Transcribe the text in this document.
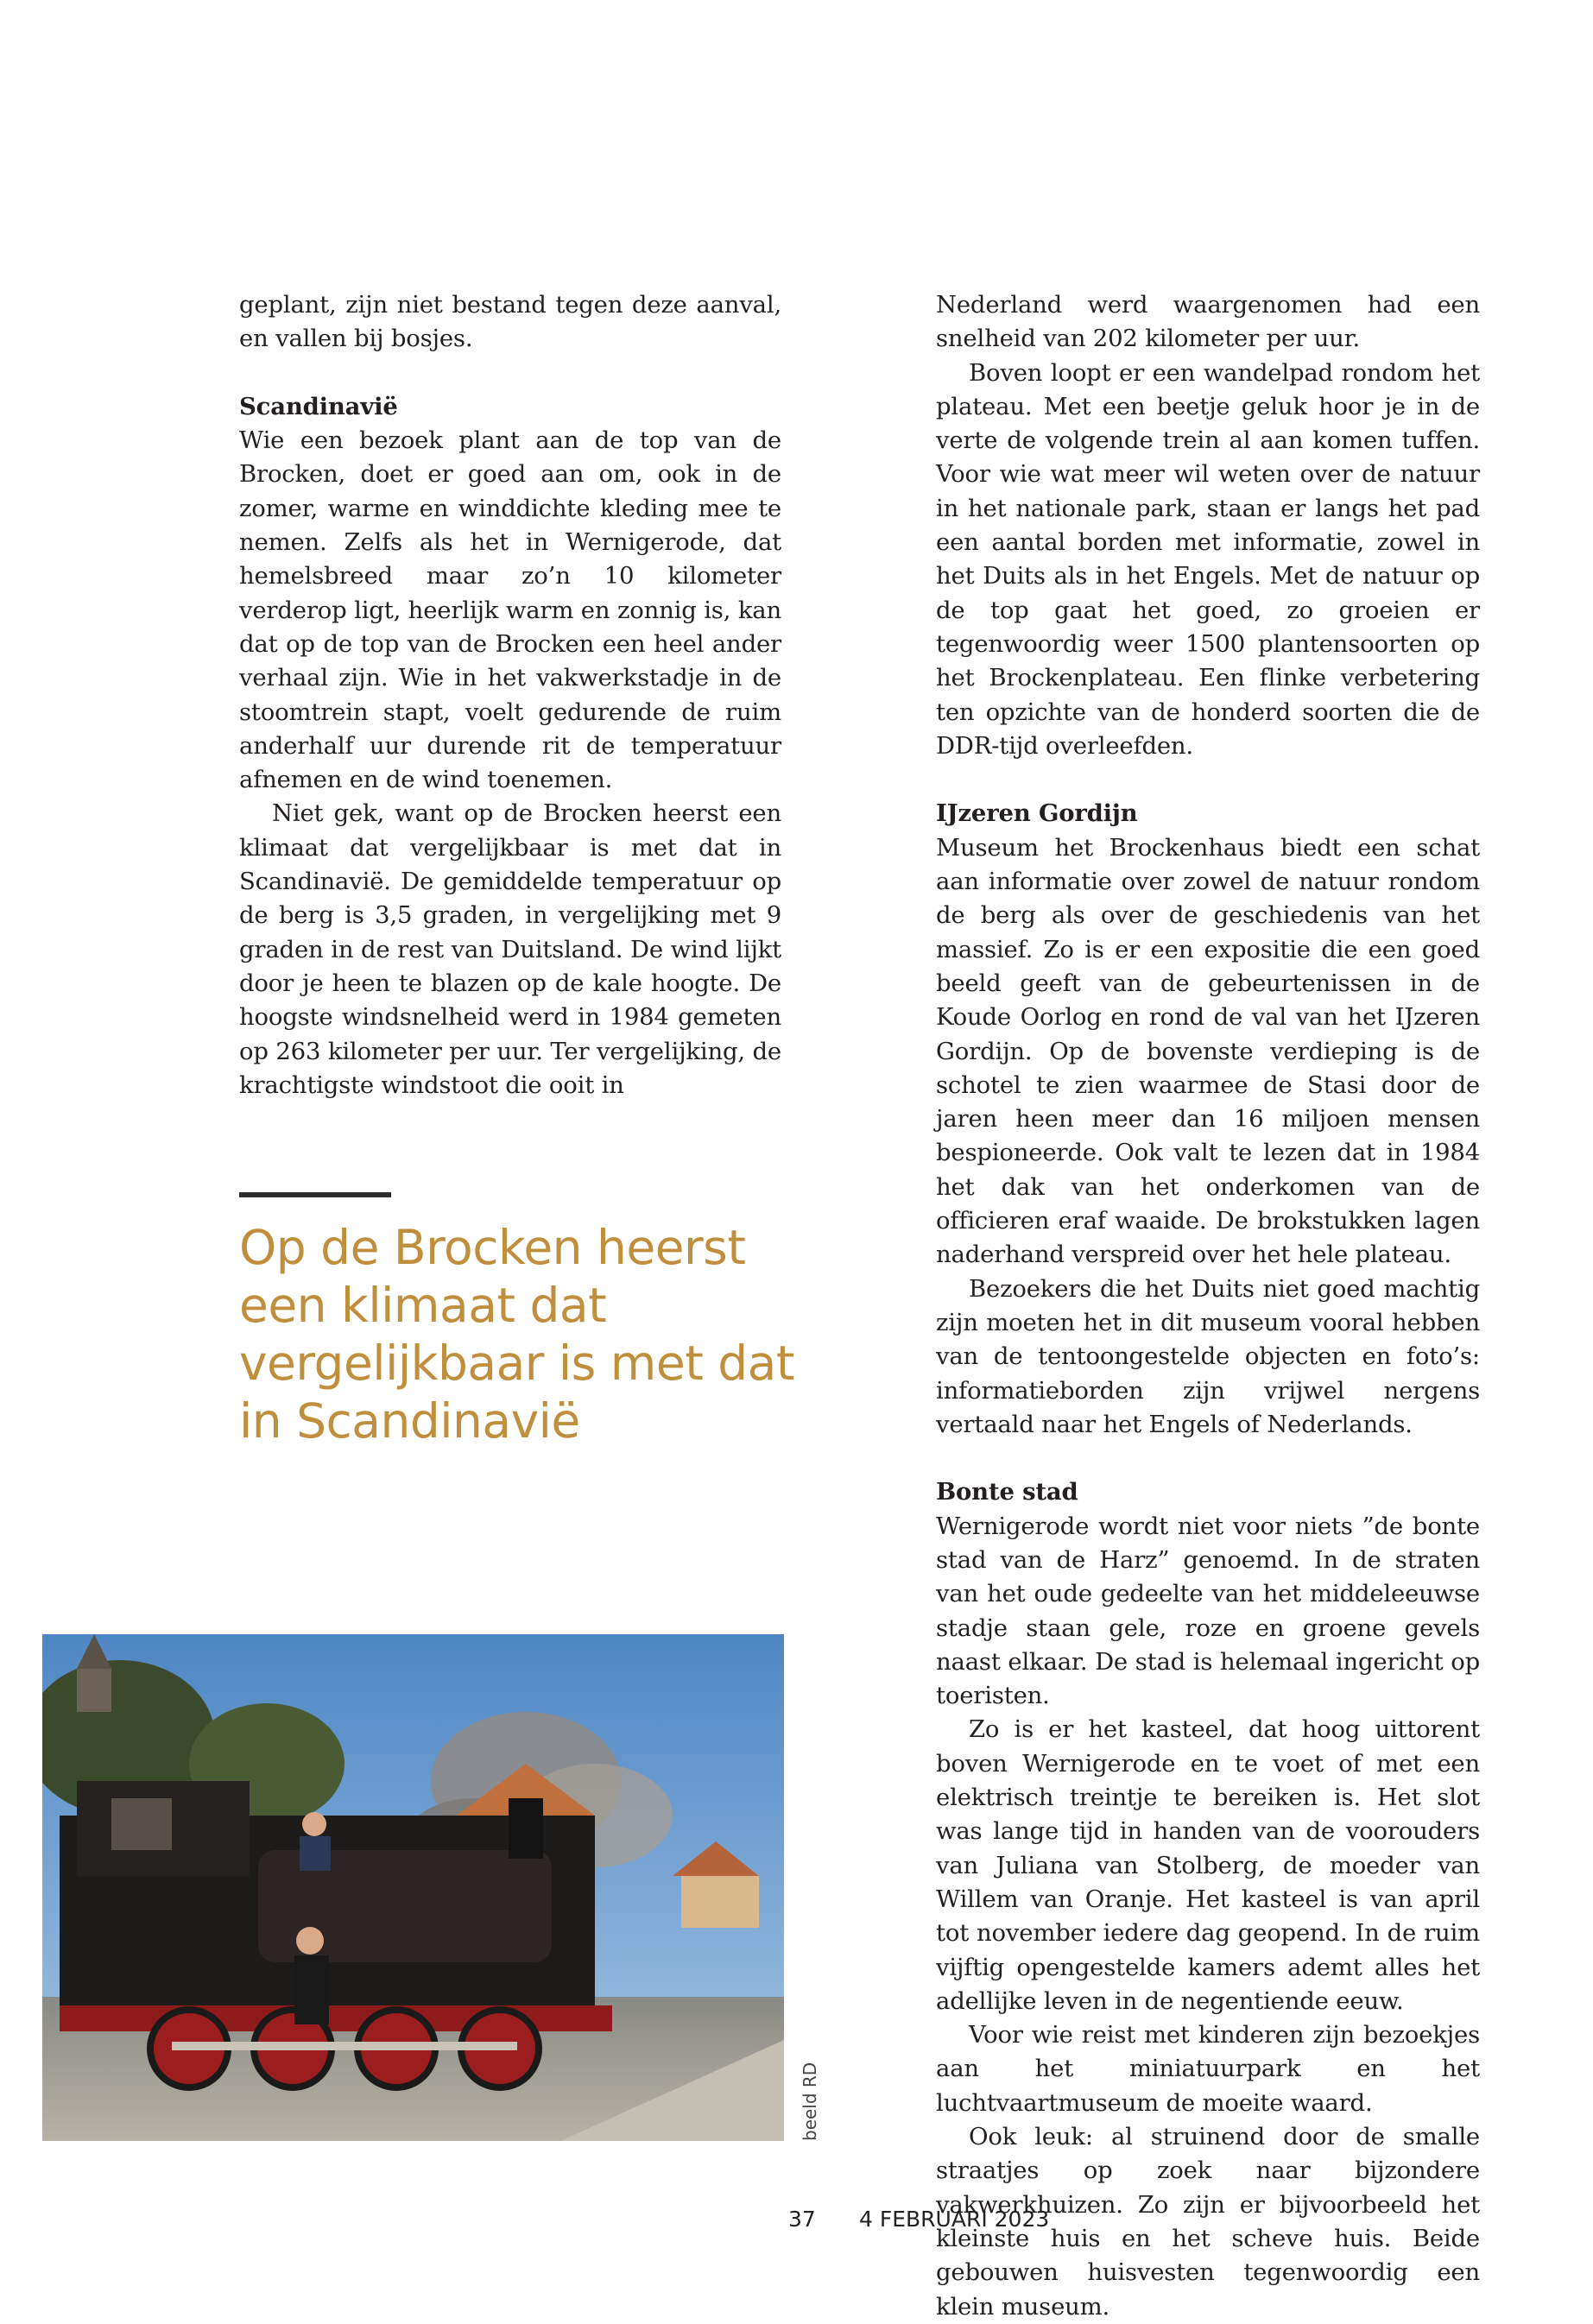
geplant, zijn niet bestand tegen deze aanval, en vallen bij bosjes.

Scandinavië

Wie een bezoek plant aan de top van de Brocken, doet er goed aan om, ook in de zomer, warme en winddichte kleding mee te nemen. Zelfs als het in Wernigerode, dat hemelsbreed maar zo’n 10 kilometer verderop ligt, heerlijk warm en zonnig is, kan dat op de top van de Brocken een heel ander verhaal zijn. Wie in het vakwerkstadje in de stoomtrein stapt, voelt gedurende de ruim anderhalf uur durende rit de temperatuur afnemen en de wind toenemen.

Niet gek, want op de Brocken heerst een klimaat dat vergelijkbaar is met dat in Scandinavië. De gemiddelde temperatuur op de berg is 3,5 graden, in vergelijking met 9 graden in de rest van Duitsland. De wind lijkt door je heen te blazen op de kale hoogte. De hoogste windsnelheid werd in 1984 gemeten op 263 kilometer per uur. Ter vergelijking, de krachtigste windstoot die ooit in

Op de Brocken heerst een klimaat dat vergelijkbaar is met dat in Scandinavië
beeld RD

Nederland werd waargenomen had een snelheid van 202 kilometer per uur.

Boven loopt er een wandelpad rondom het plateau. Met een beetje geluk hoor je in de verte de volgende trein al aan komen tuffen. Voor wie wat meer wil weten over de natuur in het nationale park, staan er langs het pad een aantal borden met informatie, zowel in het Duits als in het Engels. Met de natuur op de top gaat het goed, zo groeien er tegenwoordig weer 1500 plantensoorten op het Brockenplateau. Een flinke verbetering ten opzichte van de honderd soorten die de DDR-tijd overleefden.

IJzeren Gordijn

Museum het Brockenhaus biedt een schat aan informatie over zowel de natuur rondom de berg als over de geschiedenis van het massief. Zo is er een expositie die een goed beeld geeft van de gebeurtenissen in de Koude Oorlog en rond de val van het IJzeren Gordijn. Op de bovenste verdieping is de schotel te zien waarmee de Stasi door de jaren heen meer dan 16 miljoen mensen bespioneerde. Ook valt te lezen dat in 1984 het dak van het onderkomen van de officieren eraf waaide. De brokstukken lagen naderhand verspreid over het hele plateau.

Bezoekers die het Duits niet goed machtig zijn moeten het in dit museum vooral hebben van de tentoongestelde objecten en foto’s: informatieborden zijn vrijwel nergens vertaald naar het Engels of Nederlands.

Bonte stad

Wernigerode wordt niet voor niets ”de bonte stad van de Harz” genoemd. In de straten van het oude gedeelte van het middeleeuwse stadje staan gele, roze en groene gevels naast elkaar. De stad is helemaal ingericht op toeristen.

Zo is er het kasteel, dat hoog uittorent boven Wernigerode en te voet of met een elektrisch treintje te bereiken is. Het slot was lange tijd in handen van de voorouders van Juliana van Stolberg, de moeder van Willem van Oranje. Het kasteel is van april tot november iedere dag geopend. In de ruim vijftig opengestelde kamers ademt alles het adellijke leven in de negentiende eeuw.

Voor wie reist met kinderen zijn bezoekjes aan het miniatuurpark en het luchtvaartmuseum de moeite waard.

Ook leuk: al struinend door de smalle straatjes op zoek naar bijzondere vakwerkhuizen. Zo zijn er bijvoorbeeld het kleinste huis en het scheve huis. Beide gebouwen huisvesten tegenwoordig een klein museum.

37 4 FEBRUARI 2023
